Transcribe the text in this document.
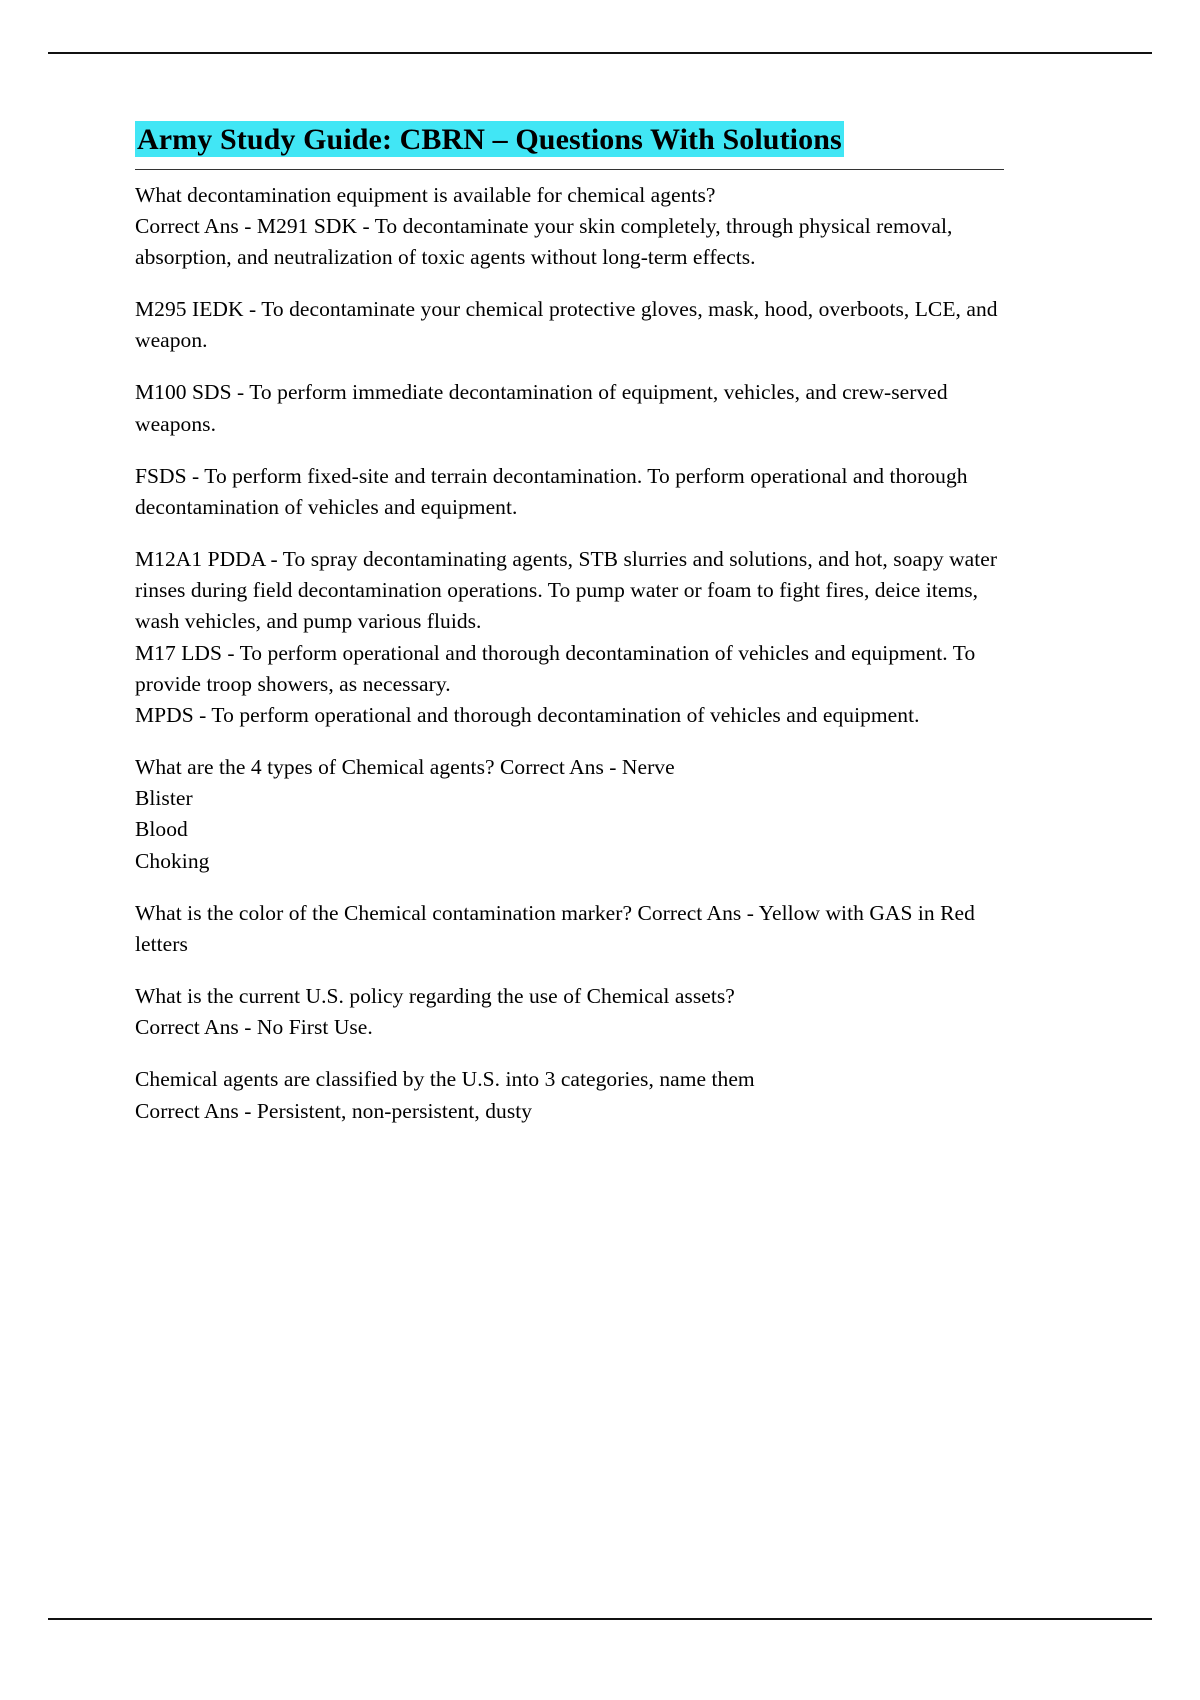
Army Study Guide: CBRN – Questions With Solutions

What decontamination equipment is available for chemical agents?

Correct Ans - M291 SDK - To decontaminate your skin completely, through physical removal, absorption, and neutralization of toxic agents without long-term effects.

M295 IEDK - To decontaminate your chemical protective gloves, mask, hood, overboots, LCE, and weapon.

M100 SDS - To perform immediate decontamination of equipment, vehicles, and crew-served weapons.

FSDS - To perform fixed-site and terrain decontamination. To perform operational and thorough decontamination of vehicles and equipment.

M12A1 PDDA - To spray decontaminating agents, STB slurries and solutions, and hot, soapy water rinses during field decontamination operations. To pump water or foam to fight fires, deice items, wash vehicles, and pump various fluids.

M17 LDS - To perform operational and thorough decontamination of vehicles and equipment. To provide troop showers, as necessary.

MPDS - To perform operational and thorough decontamination of vehicles and equipment.

What are the 4 types of Chemical agents? Correct Ans - Nerve

Blister

Blood

Choking

What is the color of the Chemical contamination marker? Correct Ans - Yellow with GAS in Red letters

What is the current U.S. policy regarding the use of Chemical assets?

Correct Ans - No First Use.

Chemical agents are classified by the U.S. into 3 categories, name them

Correct Ans - Persistent, non-persistent, dusty
